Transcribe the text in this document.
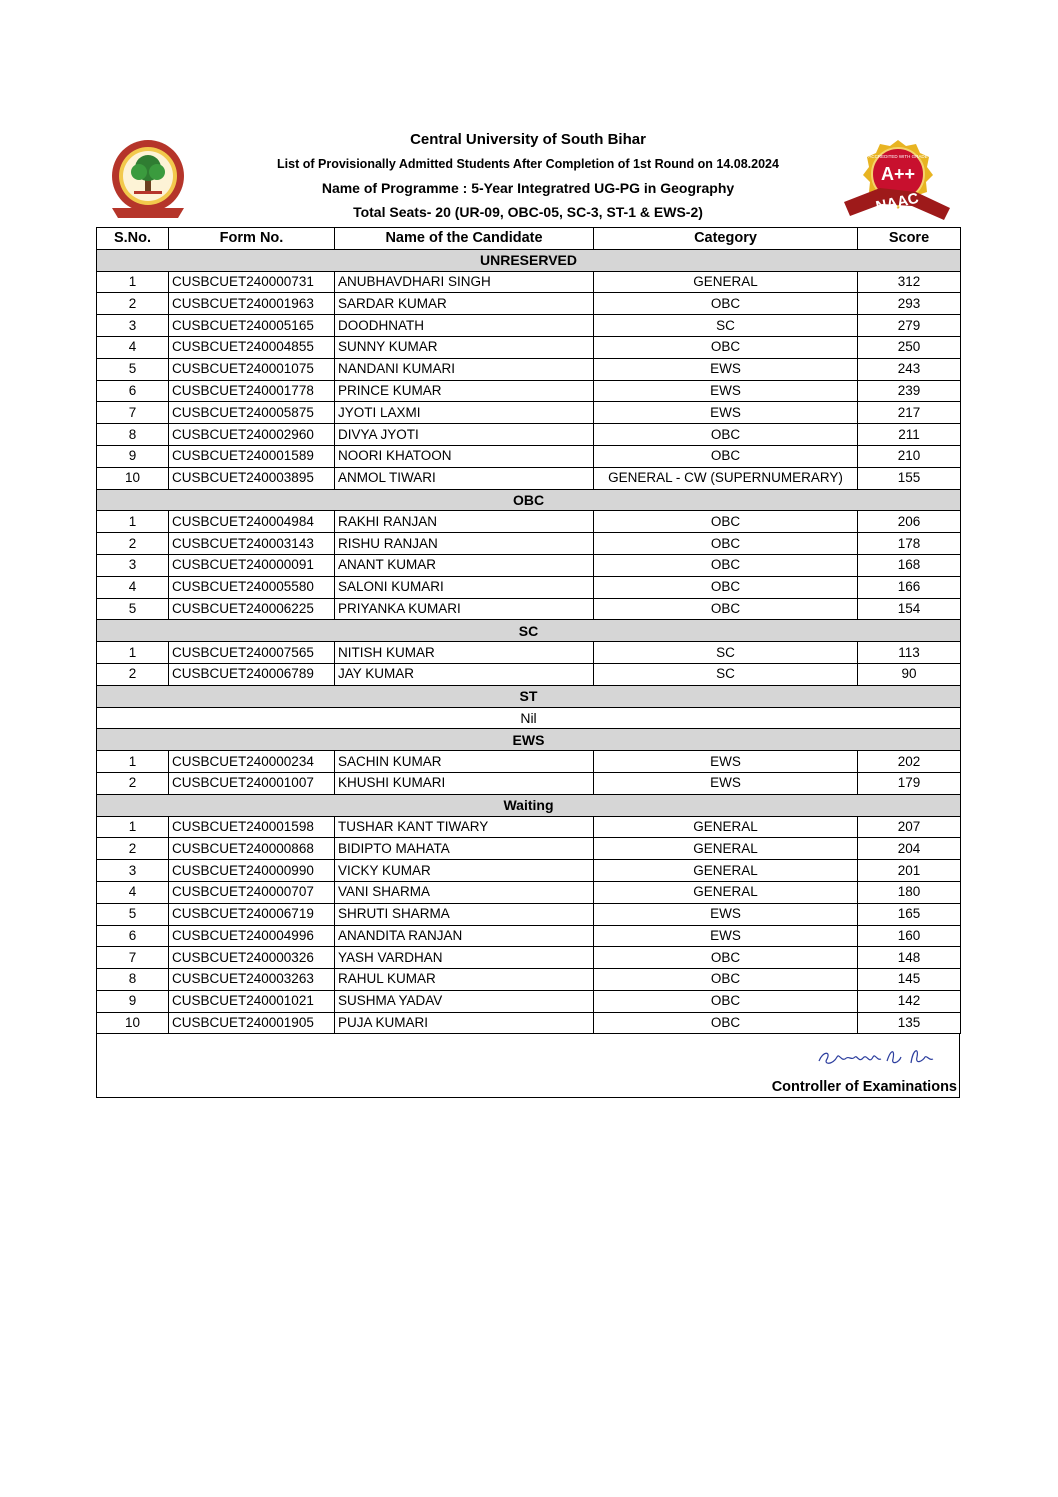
Central University of South Bihar
List of Provisionally Admitted Students After Completion of 1st Round on 14.08.2024
Name of Programme : 5-Year Integratred UG-PG in Geography
Total Seats- 20 (UR-09, OBC-05, SC-3, ST-1 & EWS-2)
A++
NAAC
ACCREDITED WITH GRADE
S.No.	Form No.	Name of the Candidate	Category	Score
UNRESERVED				
1	CUSBCUET240000731	ANUBHAVDHARI SINGH	GENERAL	312
2	CUSBCUET240001963	SARDAR KUMAR	OBC	293
3	CUSBCUET240005165	DOODHNATH	SC	279
4	CUSBCUET240004855	SUNNY KUMAR	OBC	250
5	CUSBCUET240001075	NANDANI KUMARI	EWS	243
6	CUSBCUET240001778	PRINCE KUMAR	EWS	239
7	CUSBCUET240005875	JYOTI LAXMI	EWS	217
8	CUSBCUET240002960	DIVYA JYOTI	OBC	211
9	CUSBCUET240001589	NOORI KHATOON	OBC	210
10	CUSBCUET240003895	ANMOL TIWARI	GENERAL - CW (SUPERNUMERARY)	155
OBC				
1	CUSBCUET240004984	RAKHI RANJAN	OBC	206
2	CUSBCUET240003143	RISHU RANJAN	OBC	178
3	CUSBCUET240000091	ANANT KUMAR	OBC	168
4	CUSBCUET240005580	SALONI KUMARI	OBC	166
5	CUSBCUET240006225	PRIYANKA KUMARI	OBC	154
SC				
1	CUSBCUET240007565	NITISH KUMAR	SC	113
2	CUSBCUET240006789	JAY KUMAR	SC	90
ST				
Nil				
EWS				
1	CUSBCUET240000234	SACHIN KUMAR	EWS	202
2	CUSBCUET240001007	KHUSHI KUMARI	EWS	179
Waiting				
1	CUSBCUET240001598	TUSHAR KANT TIWARY	GENERAL	207
2	CUSBCUET240000868	BIDIPTO MAHATA	GENERAL	204
3	CUSBCUET240000990	VICKY KUMAR	GENERAL	201
4	CUSBCUET240000707	VANI SHARMA	GENERAL	180
5	CUSBCUET240006719	SHRUTI SHARMA	EWS	165
6	CUSBCUET240004996	ANANDITA RANJAN	EWS	160
7	CUSBCUET240000326	YASH VARDHAN	OBC	148
8	CUSBCUET240003263	RAHUL KUMAR	OBC	145
9	CUSBCUET240001021	SUSHMA YADAV	OBC	142
10	CUSBCUET240001905	PUJA KUMARI	OBC	135
Controller of Examinations
